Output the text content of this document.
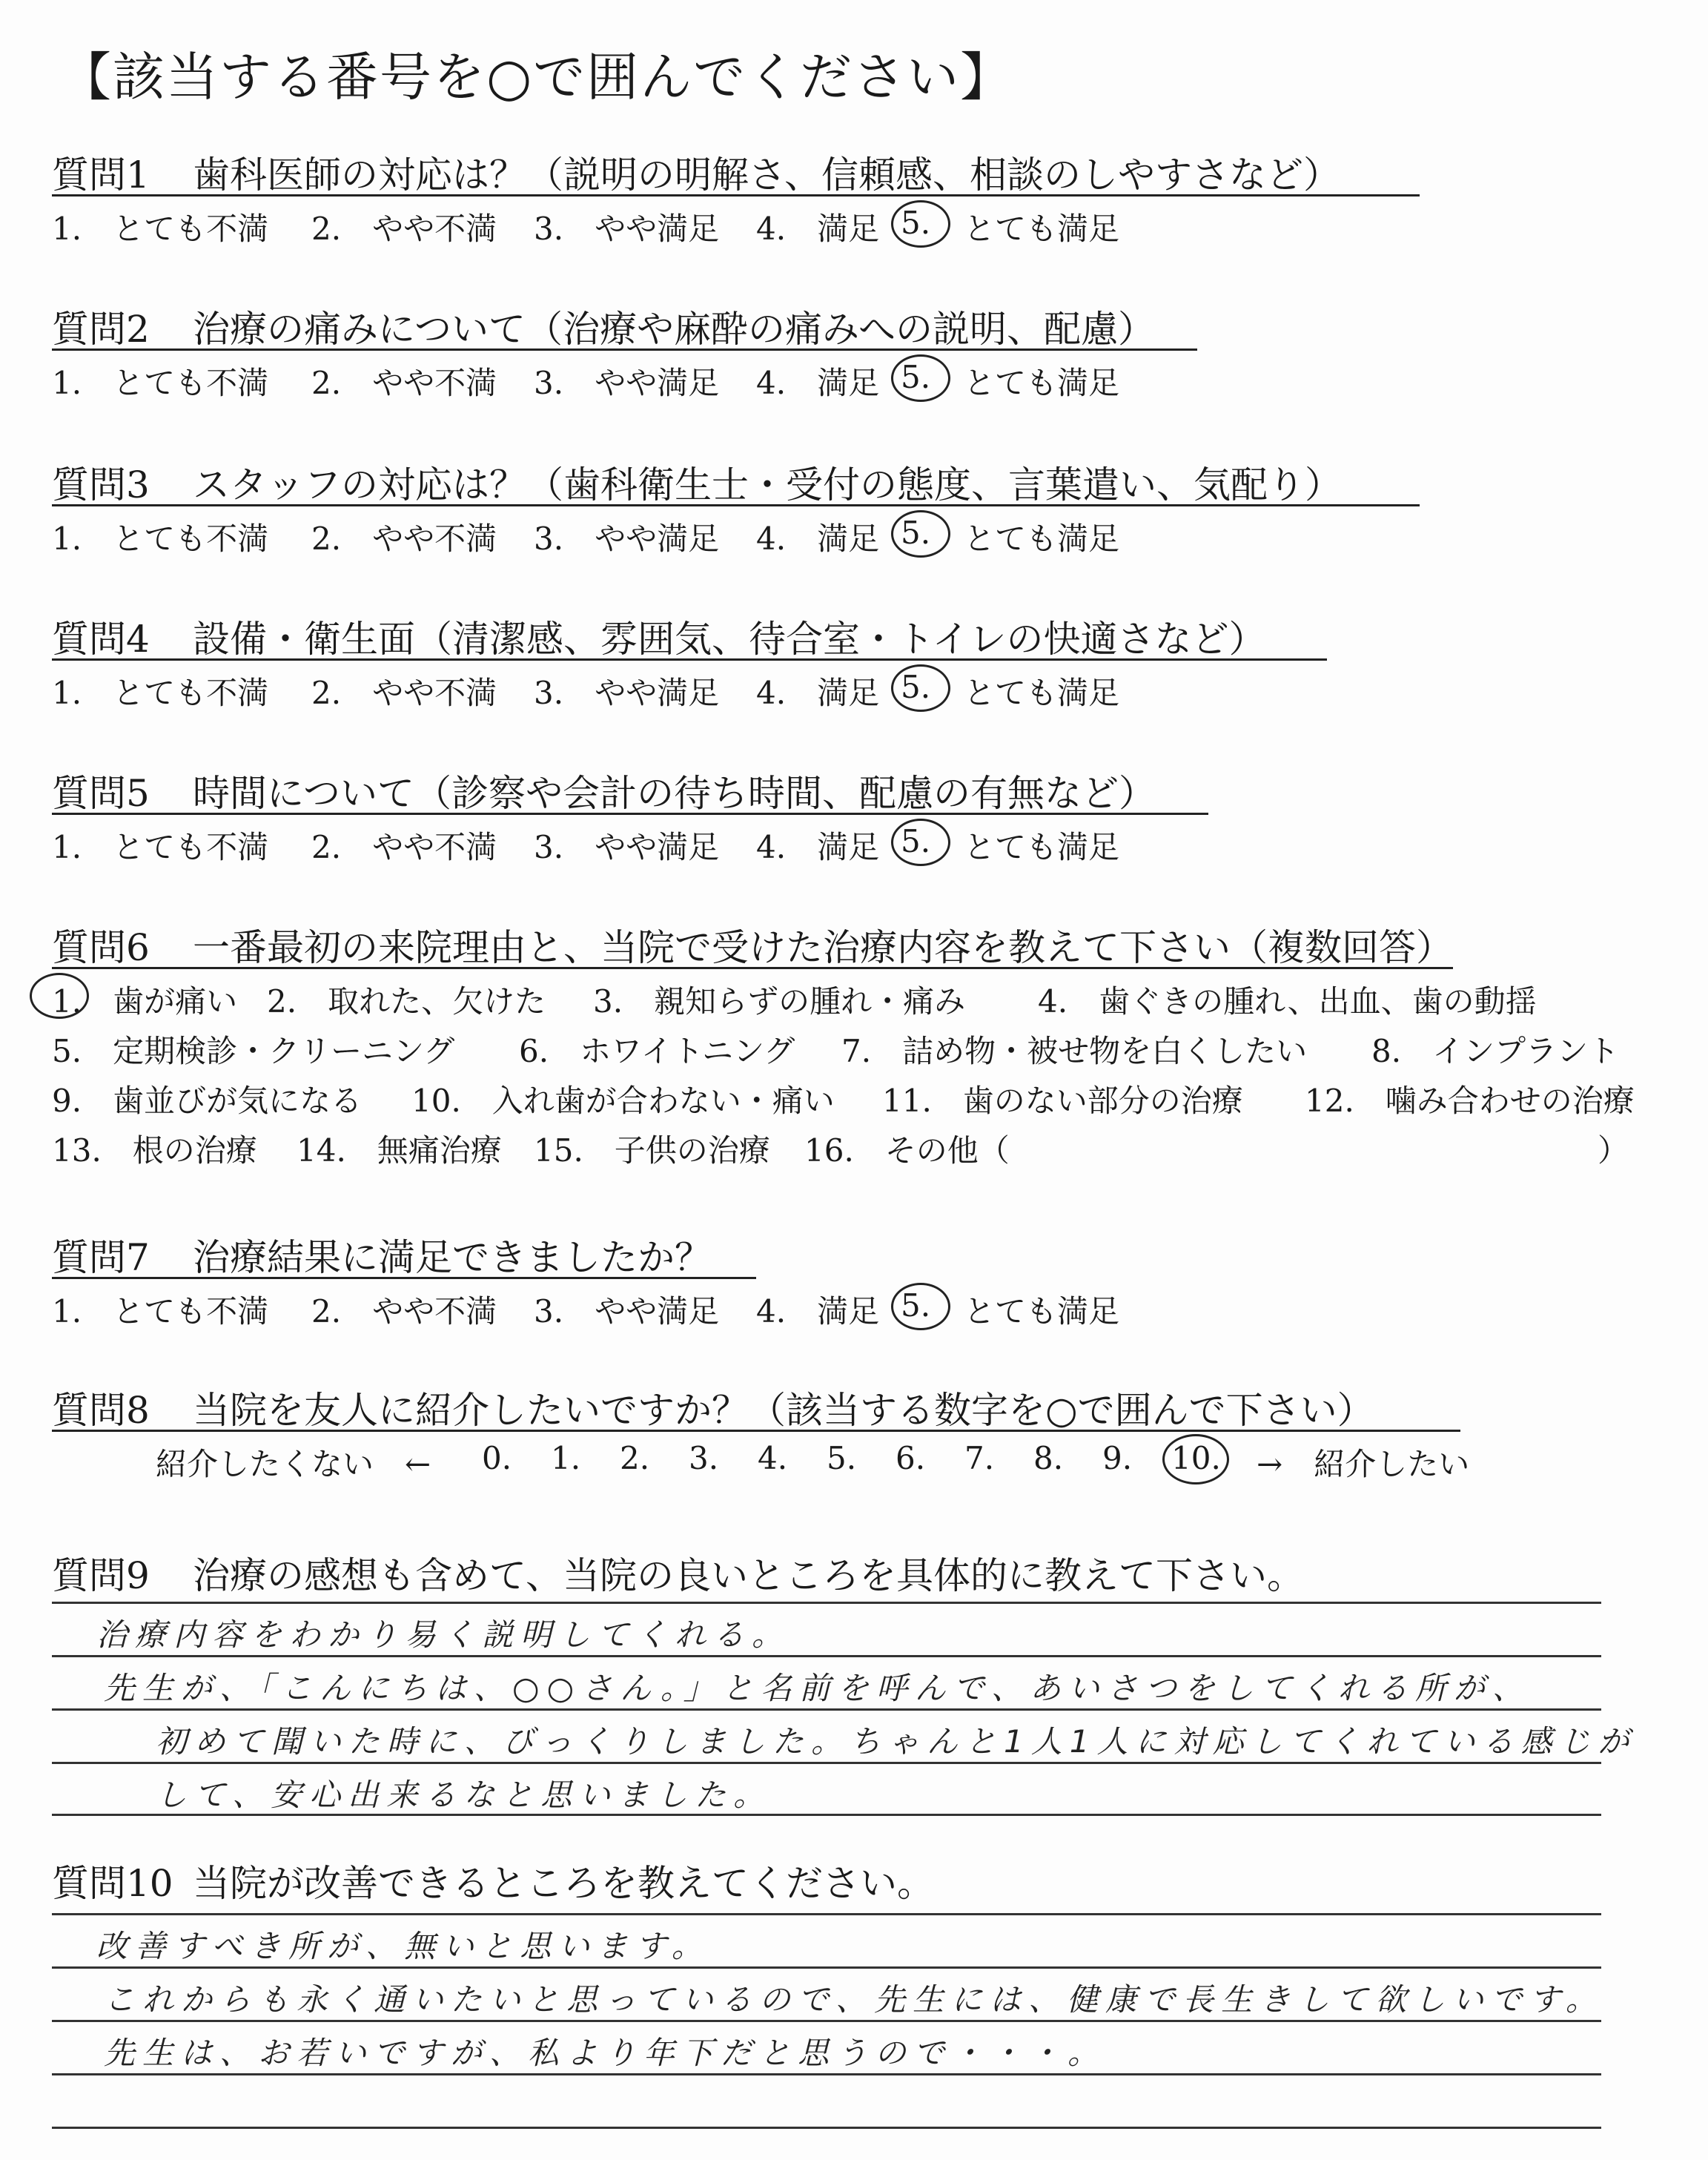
【該当する番号を○で囲んでください】
質問1 歯科医師の対応は？（説明の明解さ、信頼感、相談のしやすさなど）
1.　とても不満 2.　やや不満 3.　やや満足 4.　満足 5. とても満足
質問2 治療の痛みについて（治療や麻酔の痛みへの説明、配慮）
1.　とても不満 2.　やや不満 3.　やや満足 4.　満足 5. とても満足
質問3 スタッフの対応は？（歯科衛生士・受付の態度、言葉遣い、気配り）
1.　とても不満 2.　やや不満 3.　やや満足 4.　満足 5. とても満足
質問4 設備・衛生面（清潔感、雰囲気、待合室・トイレの快適さなど）
1.　とても不満 2.　やや不満 3.　やや満足 4.　満足 5. とても満足
質問5 時間について（診察や会計の待ち時間、配慮の有無など）
1.　とても不満 2.　やや不満 3.　やや満足 4.　満足 5. とても満足
質問6 一番最初の来院理由と、当院で受けた治療内容を教えて下さい（複数回答）
1.　歯が痛い 2.　取れた、欠けた 3.　親知らずの腫れ・痛み 4.　歯ぐきの腫れ、出血、歯の動揺
5.　定期検診・クリーニング 6.　ホワイトニング 7.　詰め物・被せ物を白くしたい 8.　インプラント
9.　歯並びが気になる 10.　入れ歯が合わない・痛い 11.　歯のない部分の治療 12.　噛み合わせの治療
13.　根の治療 14.　無痛治療 15.　子供の治療 16.　その他（	）
質問7 治療結果に満足できましたか？
1.　とても不満 2.　やや不満 3.　やや満足 4.　満足 5. とても満足
質問8 当院を友人に紹介したいですか？（該当する数字を○で囲んで下さい）
紹介したくない　← 0. 1. 2. 3. 4. 5. 6. 7. 8. 9. 10. →　紹介したい
質問9 治療の感想も含めて、当院の良いところを具体的に教えて下さい。
治療内容をわかり易く説明してくれる。
先生が、「こんにちは、○○さん。」と名前を呼んで、あいさつをしてくれる所が、
初めて聞いた時に、びっくりしました。ちゃんと1人1人に対応してくれている感じが
して、安心出来るなと思いました。
質問10 当院が改善できるところを教えてください。
改善すべき所が、無いと思います。
これからも永く通いたいと思っているので、先生には、健康で長生きして欲しいです。
先生は、お若いですが、私より年下だと思うので・・・。
